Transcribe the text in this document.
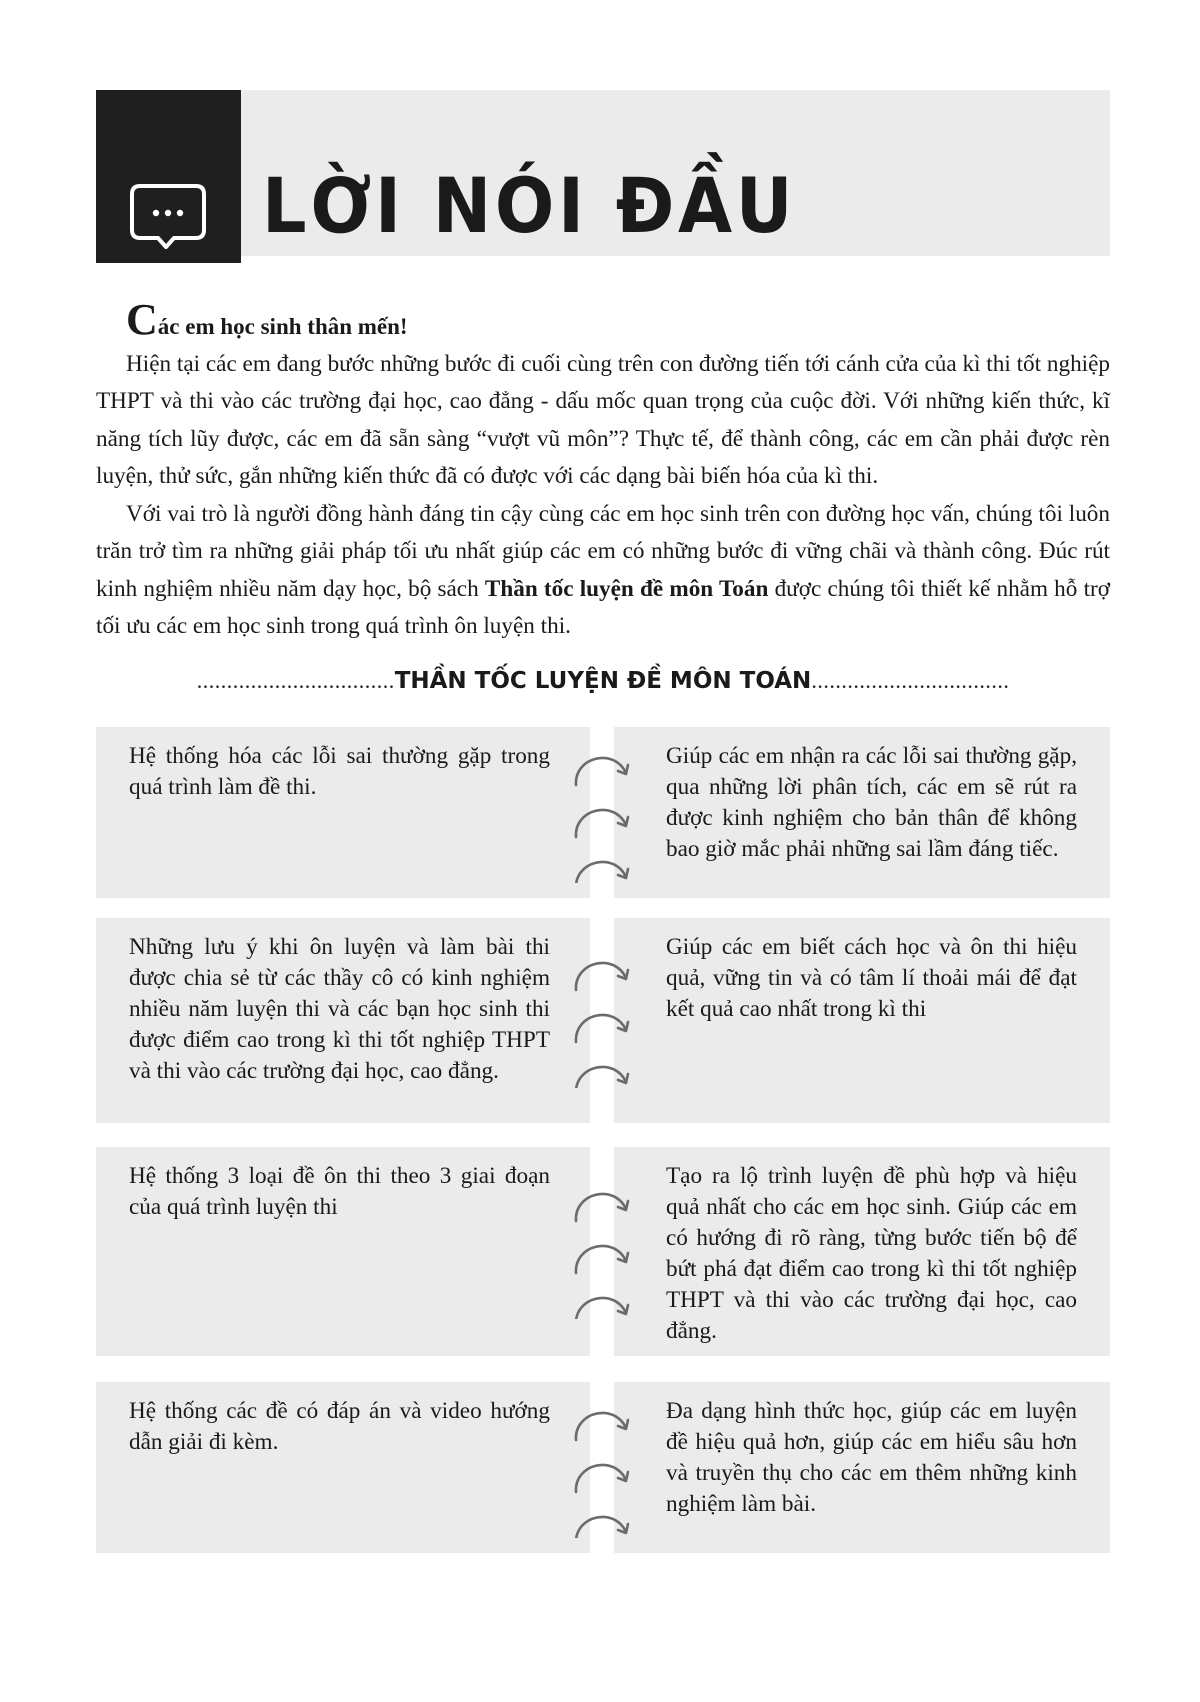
LỜI NÓI ĐẦU

Các em học sinh thân mến!

Hiện tại các em đang bước những bước đi cuối cùng trên con đường tiến tới cánh cửa của kì thi tốt nghiệp THPT và thi vào các trường đại học, cao đẳng - dấu mốc quan trọng của cuộc đời. Với những kiến thức, kĩ năng tích lũy được, các em đã sẵn sàng “vượt vũ môn”? Thực tế, để thành công, các em cần phải được rèn luyện, thử sức, gắn những kiến thức đã có được với các dạng bài biến hóa của kì thi.

Với vai trò là người đồng hành đáng tin cậy cùng các em học sinh trên con đường học vấn, chúng tôi luôn trăn trở tìm ra những giải pháp tối ưu nhất giúp các em có những bước đi vững chãi và thành công. Đúc rút kinh nghiệm nhiều năm dạy học, bộ sách Thần tốc luyện đề môn Toán được chúng tôi thiết kế nhằm hỗ trợ tối ưu các em học sinh trong quá trình ôn luyện thi.

.................................THẦN TỐC LUYỆN ĐỀ MÔN TOÁN.................................
Hệ thống hóa các lỗi sai thường gặp trong quá trình làm đề thi.
Giúp các em nhận ra các lỗi sai thường gặp, qua những lời phân tích, các em sẽ rút ra được kinh nghiệm cho bản thân để không bao giờ mắc phải những sai lầm đáng tiếc.
Những lưu ý khi ôn luyện và làm bài thi được chia sẻ từ các thầy cô có kinh nghiệm nhiều năm luyện thi và các bạn học sinh thi được điểm cao trong kì thi tốt nghiệp THPT và thi vào các trường đại học, cao đẳng.
Giúp các em biết cách học và ôn thi hiệu quả, vững tin và có tâm lí thoải mái để đạt kết quả cao nhất trong kì thi
Hệ thống 3 loại đề ôn thi theo 3 giai đoạn của quá trình luyện thi
Tạo ra lộ trình luyện đề phù hợp và hiệu quả nhất cho các em học sinh. Giúp các em có hướng đi rõ ràng, từng bước tiến bộ để bứt phá đạt điểm cao trong kì thi tốt nghiệp THPT và thi vào các trường đại học, cao đẳng.
Hệ thống các đề có đáp án và video hướng dẫn giải đi kèm.
Đa dạng hình thức học, giúp các em luyện đề hiệu quả hơn, giúp các em hiểu sâu hơn và truyền thụ cho các em thêm những kinh nghiệm làm bài.
